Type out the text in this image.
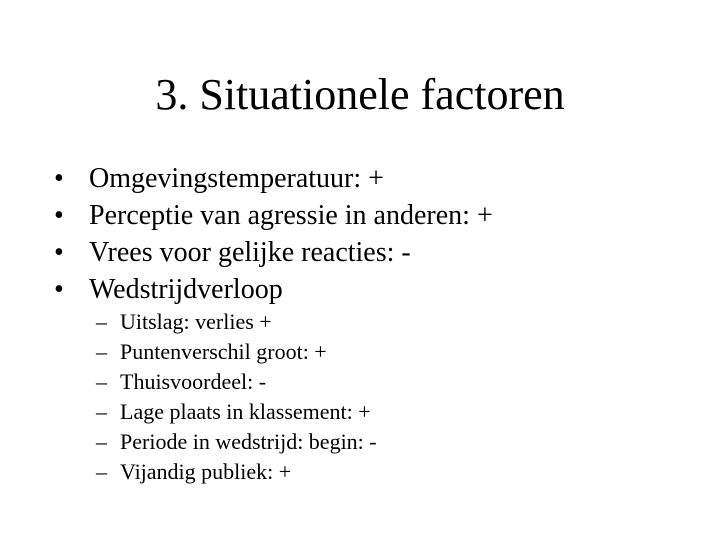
3. Situationele factoren
• Omgevingstemperatuur: +
• Perceptie van agressie in anderen: +
• Vrees voor gelijke reacties: -
• Wedstrijdverloop
– Uitslag: verlies +
– Puntenverschil groot: +
– Thuisvoordeel: -
– Lage plaats in klassement: +
– Periode in wedstrijd: begin: -
– Vijandig publiek: +
